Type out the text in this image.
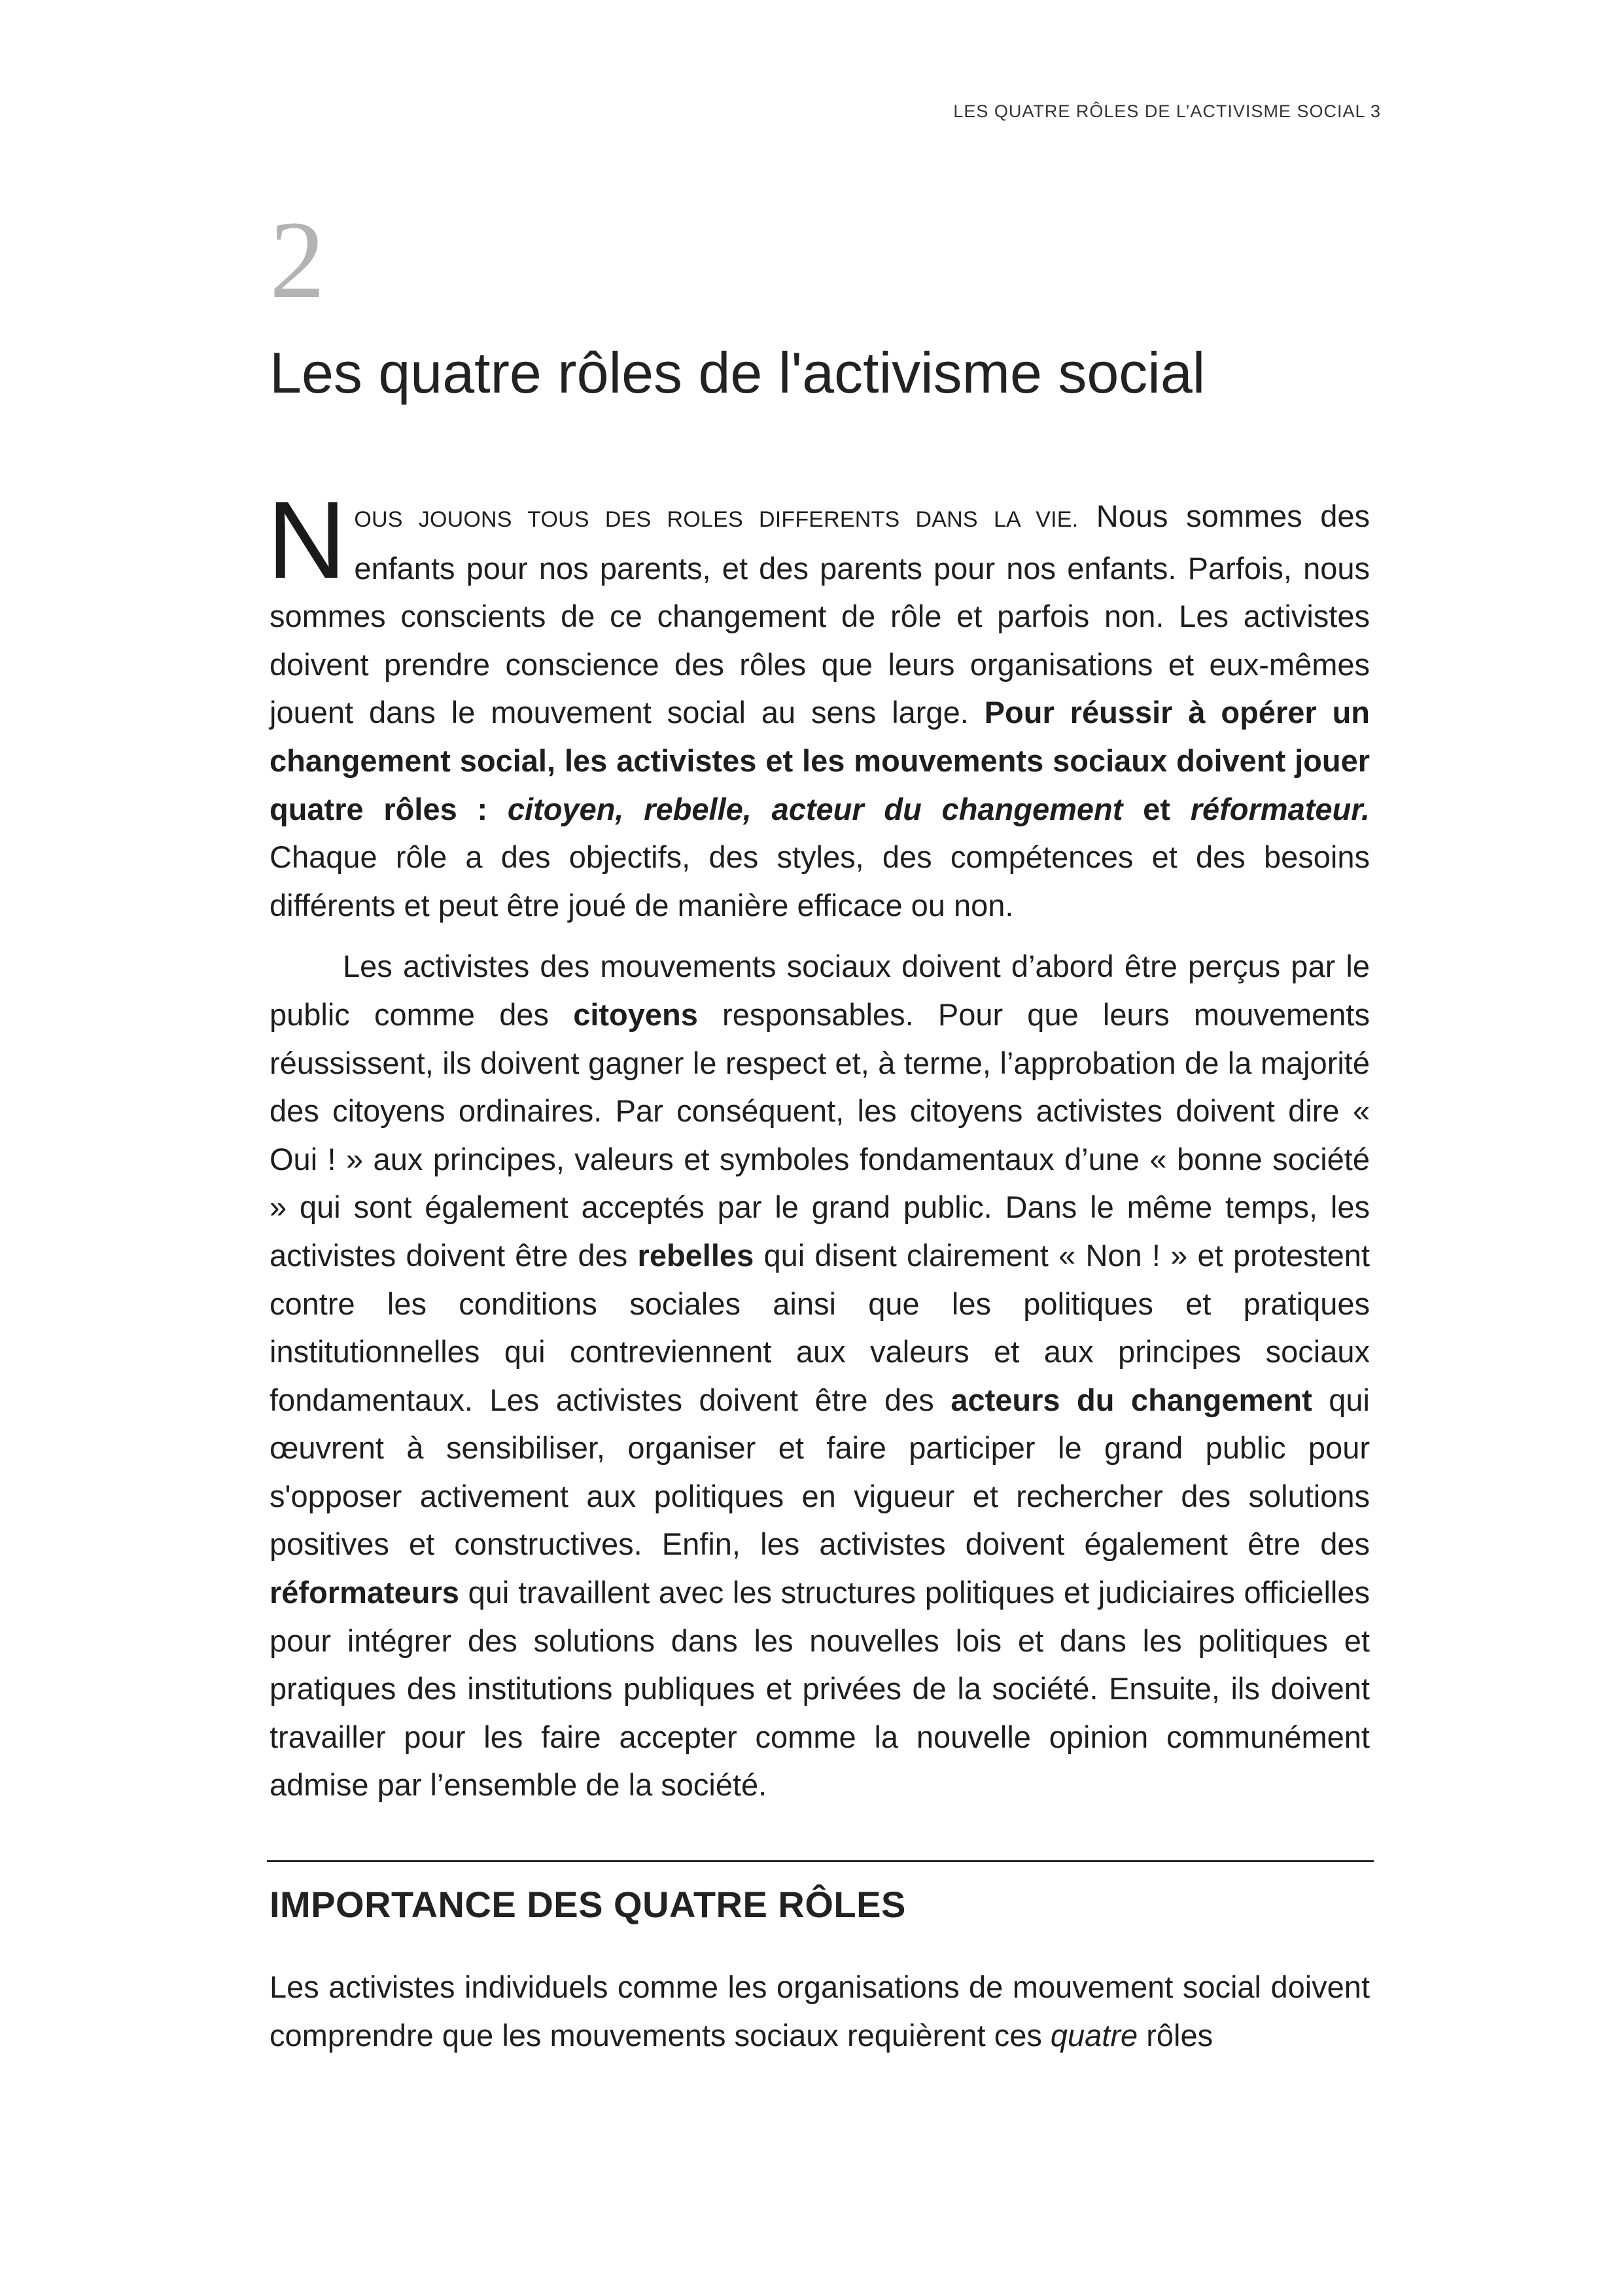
LES QUATRE RÔLES DE L’ACTIVISME SOCIAL 3
2
Les quatre rôles de l'activisme social

NOUS JOUONS TOUS DES ROLES DIFFERENTS DANS LA VIE. Nous sommes des enfants pour nos parents, et des parents pour nos enfants. Parfois, nous sommes conscients de ce changement de rôle et parfois non. Les activistes doivent prendre conscience des rôles que leurs organisations et eux-mêmes jouent dans le mouvement social au sens large. Pour réussir à opérer un changement social, les activistes et les mouvements sociaux doivent jouer quatre rôles : citoyen, rebelle, acteur du changement et réformateur. Chaque rôle a des objectifs, des styles, des compétences et des besoins différents et peut être joué de manière efficace ou non.

Les activistes des mouvements sociaux doivent d’abord être perçus par le public comme des citoyens responsables. Pour que leurs mouvements réussissent, ils doivent gagner le respect et, à terme, l’approbation de la majorité des citoyens ordinaires. Par conséquent, les citoyens activistes doivent dire « Oui ! » aux principes, valeurs et symboles fondamentaux d’une « bonne société » qui sont également acceptés par le grand public. Dans le même temps, les activistes doivent être des rebelles qui disent clairement « Non ! » et protestent contre les conditions sociales ainsi que les politiques et pratiques institutionnelles qui contreviennent aux valeurs et aux principes sociaux fondamentaux. Les activistes doivent être des acteurs du changement qui œuvrent à sensibiliser, organiser et faire participer le grand public pour s'opposer activement aux politiques en vigueur et rechercher des solutions positives et constructives. Enfin, les activistes doivent également être des réformateurs qui travaillent avec les structures politiques et judiciaires officielles pour intégrer des solutions dans les nouvelles lois et dans les politiques et pratiques des institutions publiques et privées de la société. Ensuite, ils doivent travailler pour les faire accepter comme la nouvelle opinion communément admise par l’ensemble de la société.

IMPORTANCE DES QUATRE RÔLES

Les activistes individuels comme les organisations de mouvement social doivent comprendre que les mouvements sociaux requièrent ces quatre rôles
